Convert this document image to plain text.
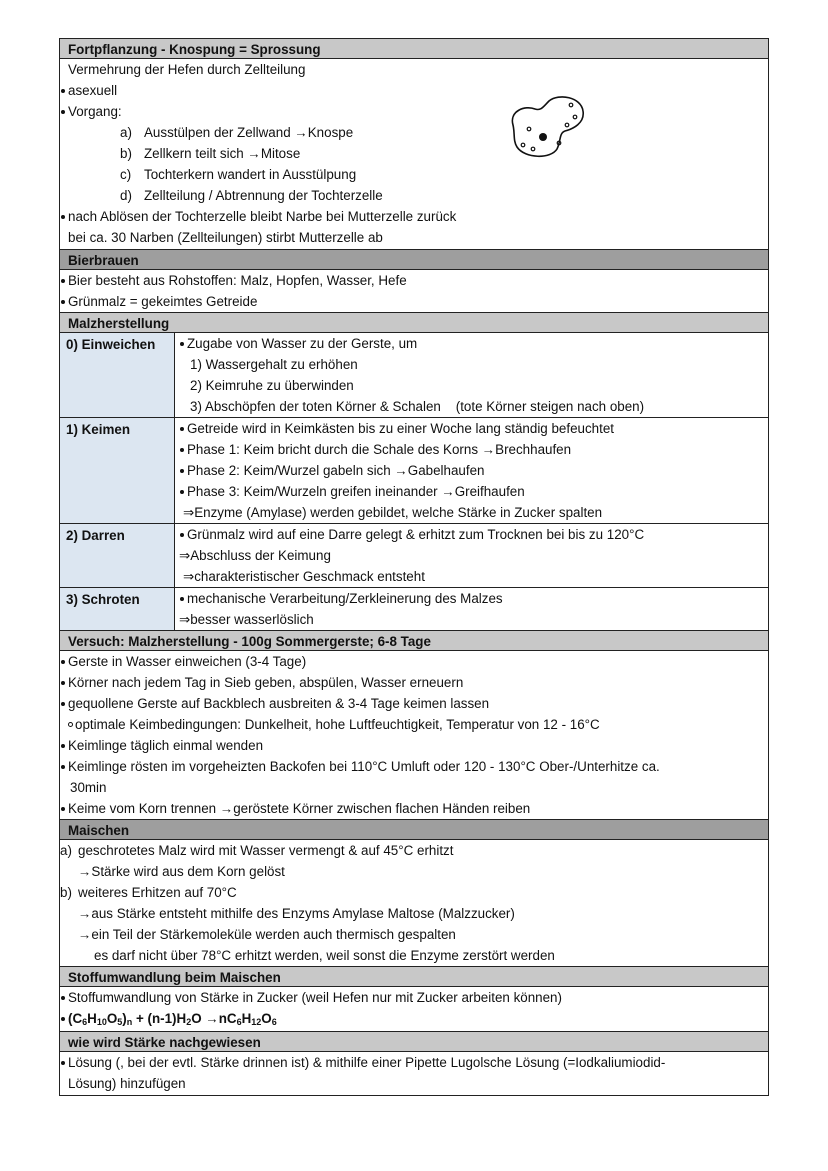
Fortpflanzung - Knospung = Sprossung
Vermehrung der Hefen durch Zellteilung
asexuell
Vorgang:
a) Ausstülpen der Zellwand →Knospe
b) Zellkern teilt sich →Mitose
c) Tochterkern wandert in Ausstülpung
d) Zellteilung / Abtrennung der Tochterzelle
nach Ablösen der Tochterzelle bleibt Narbe bei Mutterzelle zurück
bei ca. 30 Narben (Zellteilungen) stirbt Mutterzelle ab
Bierbrauen
Bier besteht aus Rohstoffen: Malz, Hopfen, Wasser, Hefe
Grünmalz = gekeimtes Getreide
Malzherstellung
0) Einweichen	Zugabe von Wasser zu der Gerste, um
1) Wassergehalt zu erhöhen
2) Keimruhe zu überwinden
3) Abschöpfen der toten Körner & Schalen    (tote Körner steigen nach oben)

1) Keimen	Getreide wird in Keimkästen bis zu einer Woche lang ständig befeuchtet
Phase 1: Keim bricht durch die Schale des Korns →Brechhaufen
Phase 2: Keim/Wurzel gabeln sich →Gabelhaufen
Phase 3: Keim/Wurzeln greifen ineinander →Greifhaufen
⇒Enzyme (Amylase) werden gebildet, welche Stärke in Zucker spalten

2) Darren	Grünmalz wird auf eine Darre gelegt & erhitzt zum Trocknen bei bis zu 120°C
⇒Abschluss der Keimung
⇒charakteristischer Geschmack entsteht

3) Schroten	mechanische Verarbeitung/Zerkleinerung des Malzes
⇒besser wasserlöslich
Versuch: Malzherstellung - 100g Sommergerste; 6-8 Tage
Gerste in Wasser einweichen (3-4 Tage)
Körner nach jedem Tag in Sieb geben, abspülen, Wasser erneuern
gequollene Gerste auf Backblech ausbreiten & 3-4 Tage keimen lassen
optimale Keimbedingungen: Dunkelheit, hohe Luftfeuchtigkeit, Temperatur von 12 - 16°C
Keimlinge täglich einmal wenden
Keimlinge rösten im vorgeheizten Backofen bei 110°C Umluft oder 120 - 130°C Ober-/Unterhitze ca.
30min
Keime vom Korn trennen →geröstete Körner zwischen flachen Händen reiben
Maischen
a) geschrotetes Malz wird mit Wasser vermengt & auf 45°C erhitzt
→Stärke wird aus dem Korn gelöst
b) weiteres Erhitzen auf 70°C
→aus Stärke entsteht mithilfe des Enzyms Amylase Maltose (Malzzucker)
→ein Teil der Stärkemoleküle werden auch thermisch gespalten
es darf nicht über 78°C erhitzt werden, weil sonst die Enzyme zerstört werden
Stoffumwandlung beim Maischen
Stoffumwandlung von Stärke in Zucker (weil Hefen nur mit Zucker arbeiten können)
$(C_6H_{10}O_5)_n + (n-1)H_2O \to nC_6H_{12}O_6$
wie wird Stärke nachgewiesen
Lösung (, bei der evtl. Stärke drinnen ist) & mithilfe einer Pipette Lugolsche Lösung (=Iodkaliumiodid-
Lösung) hinzufügen
